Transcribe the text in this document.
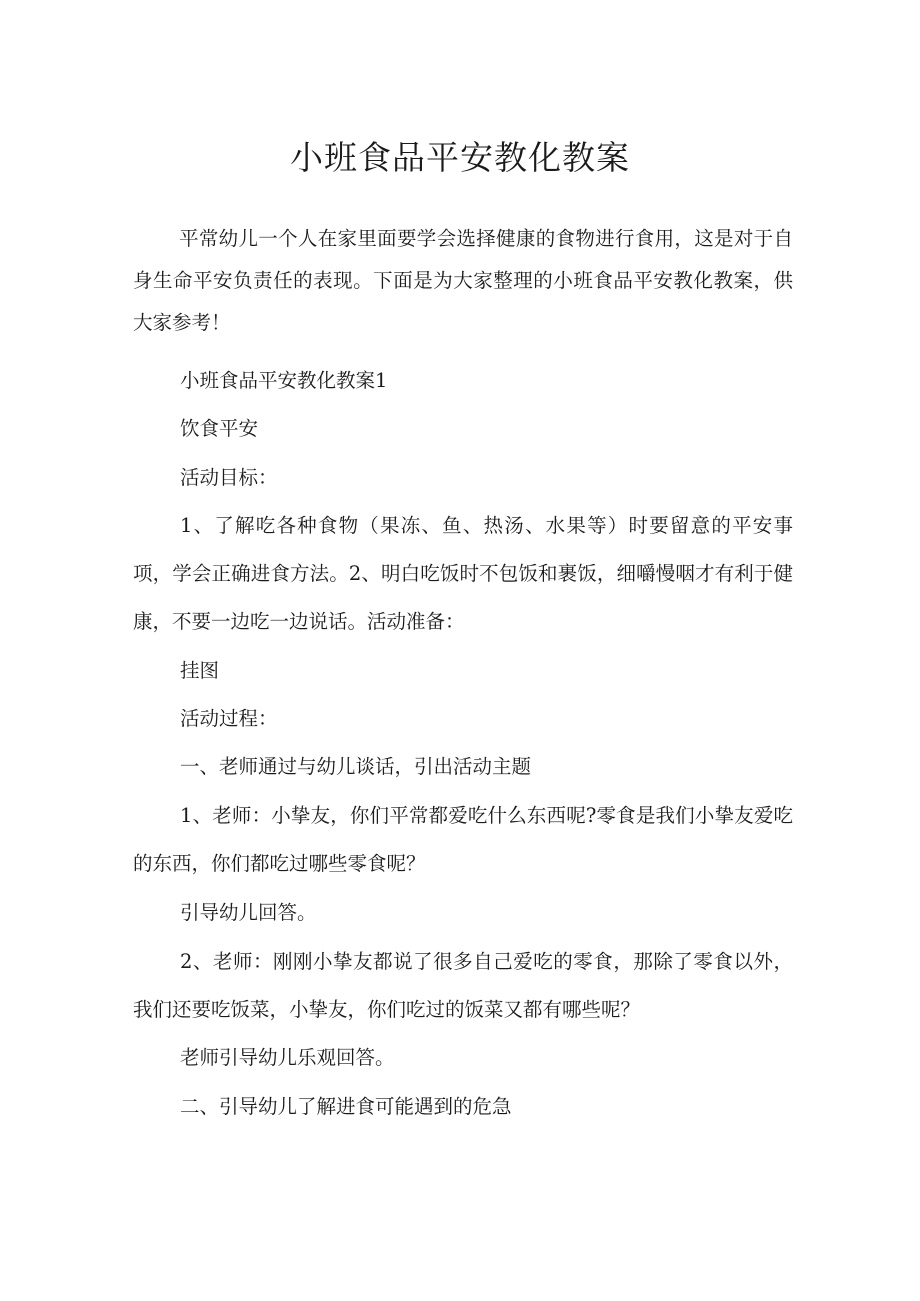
小班食品平安教化教案

平常幼儿一个人在家里面要学会选择健康的食物进行食用，这是对于自身生命平安负责任的表现。下面是为大家整理的小班食品平安教化教案，供大家参考！

小班食品平安教化教案1

饮食平安

活动目标：

1、了解吃各种食物（果冻、鱼、热汤、水果等）时要留意的平安事项，学会正确进食方法。2、明白吃饭时不包饭和裹饭，细嚼慢咽才有利于健康，不要一边吃一边说话。活动准备：

挂图

活动过程：

一、老师通过与幼儿谈话，引出活动主题

1、老师：小挚友，你们平常都爱吃什么东西呢?零食是我们小挚友爱吃的东西，你们都吃过哪些零食呢？

引导幼儿回答。

2、老师：刚刚小挚友都说了很多自己爱吃的零食，那除了零食以外，我们还要吃饭菜，小挚友，你们吃过的饭菜又都有哪些呢？

老师引导幼儿乐观回答。

二、引导幼儿了解进食可能遇到的危急
